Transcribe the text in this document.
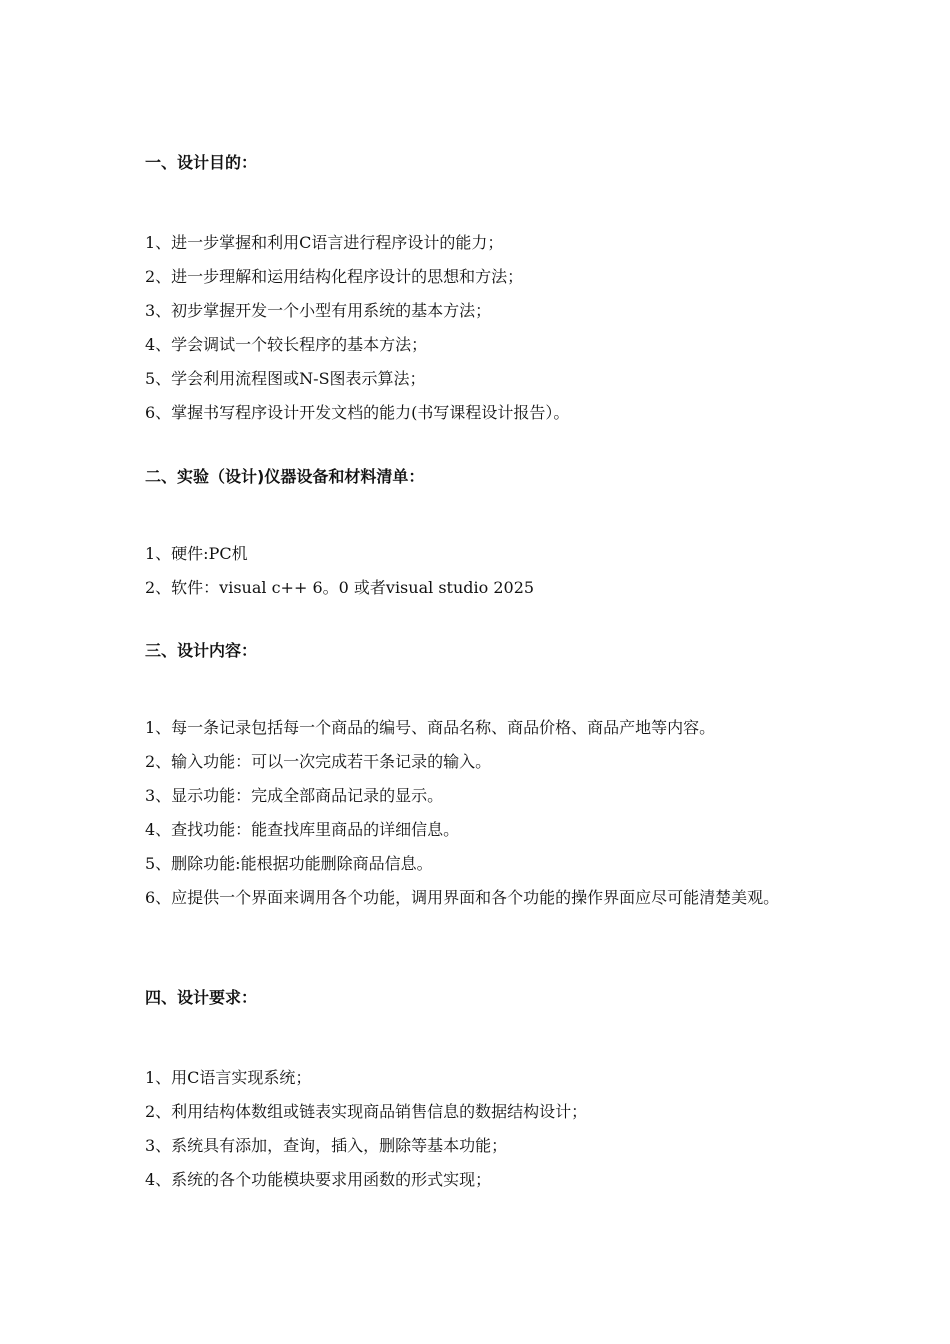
一、设计目的：
1、进一步掌握和利用C语言进行程序设计的能力；
2、进一步理解和运用结构化程序设计的思想和方法；
3、初步掌握开发一个小型有用系统的基本方法；
4、学会调试一个较长程序的基本方法；
5、学会利用流程图或N-S图表示算法；
6、掌握书写程序设计开发文档的能力(书写课程设计报告）。
二、实验（设计)仪器设备和材料清单：
1、硬件:PC机
2、软件：visual c++ 6。0 或者visual studio 2025
三、设计内容：
1、每一条记录包括每一个商品的编号、商品名称、商品价格、商品产地等内容。
2、输入功能：可以一次完成若干条记录的输入。
3、显示功能：完成全部商品记录的显示。
4、查找功能：能查找库里商品的详细信息。
5、删除功能:能根据功能删除商品信息。
6、应提供一个界面来调用各个功能，调用界面和各个功能的操作界面应尽可能清楚美观。
四、设计要求：
1、用C语言实现系统；
2、利用结构体数组或链表实现商品销售信息的数据结构设计；
3、系统具有添加，查询，插入，删除等基本功能；
4、系统的各个功能模块要求用函数的形式实现；
